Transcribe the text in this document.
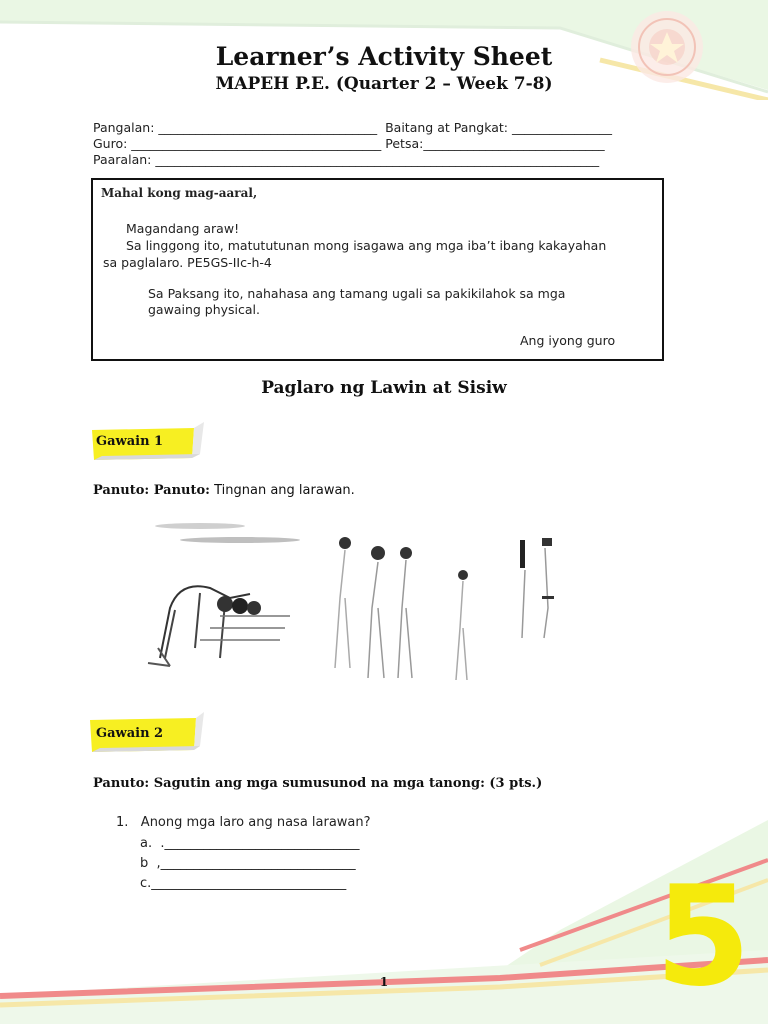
Learner’s Activity Sheet
MAPEH P.E. (Quarter 2 – Week 7-8)
Pangalan: ___________________________________  Baitang at Pangkat: ________________
Guro: ________________________________________ Petsa:_____________________________
Paaralan: _______________________________________________________________________
Mahal kong mag-aaral,
Magandang araw!
Sa linggong ito, matututunan mong isagawa ang mga iba’t ibang kakayahan
sa paglalaro. PE5GS-IIc-h-4
Sa Paksang ito, nahahasa ang tamang ugali sa pakikilahok sa mga
gawaing physical.
Ang iyong guro
Paglaro ng Lawin at Sisiw
Gawain 1
Panuto: Panuto: Tingnan ang larawan.
Gawain 2
Panuto: Sagutin ang mga sumusunod na mga tanong: (3 pts.)
1.   Anong mga laro ang nasa larawan?
a.  .______________________________
b  ,______________________________
c.______________________________ 5
1
